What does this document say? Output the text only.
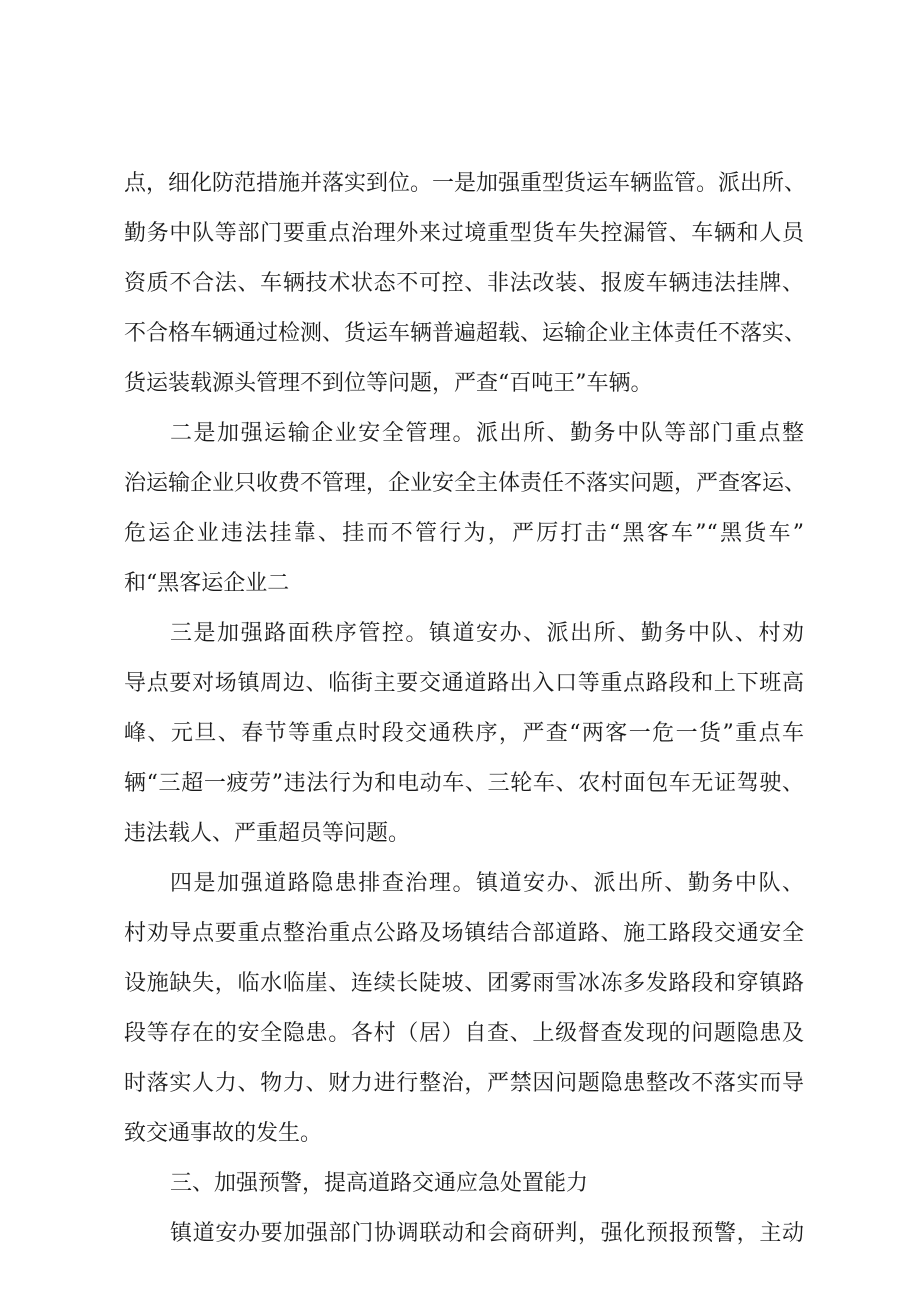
点，细化防范措施并落实到位。一是加强重型货运车辆监管。派出所、
勤务中队等部门要重点治理外来过境重型货车失控漏管、车辆和人员
资质不合法、车辆技术状态不可控、非法改装、报废车辆违法挂牌、
不合格车辆通过检测、货运车辆普遍超载、运输企业主体责任不落实、
货运装载源头管理不到位等问题，严查“百吨王”车辆。
二是加强运输企业安全管理。派出所、勤务中队等部门重点整
治运输企业只收费不管理，企业安全主体责任不落实问题，严查客运、
危运企业违法挂靠、挂而不管行为，严厉打击“黑客车”“黑货车”
和“黑客运企业二
三是加强路面秩序管控。镇道安办、派出所、勤务中队、村劝
导点要对场镇周边、临街主要交通道路出入口等重点路段和上下班高
峰、元旦、春节等重点时段交通秩序，严查“两客一危一货”重点车
辆“三超一疲劳”违法行为和电动车、三轮车、农村面包车无证驾驶、
违法载人、严重超员等问题。
四是加强道路隐患排查治理。镇道安办、派出所、勤务中队、
村劝导点要重点整治重点公路及场镇结合部道路、施工路段交通安全
设施缺失，临水临崖、连续长陡坡、团雾雨雪冰冻多发路段和穿镇路
段等存在的安全隐患。各村（居）自查、上级督查发现的问题隐患及
时落实人力、物力、财力进行整治，严禁因问题隐患整改不落实而导
致交通事故的发生。
三、加强预警，提高道路交通应急处置能力
镇道安办要加强部门协调联动和会商研判，强化预报预警，主动
